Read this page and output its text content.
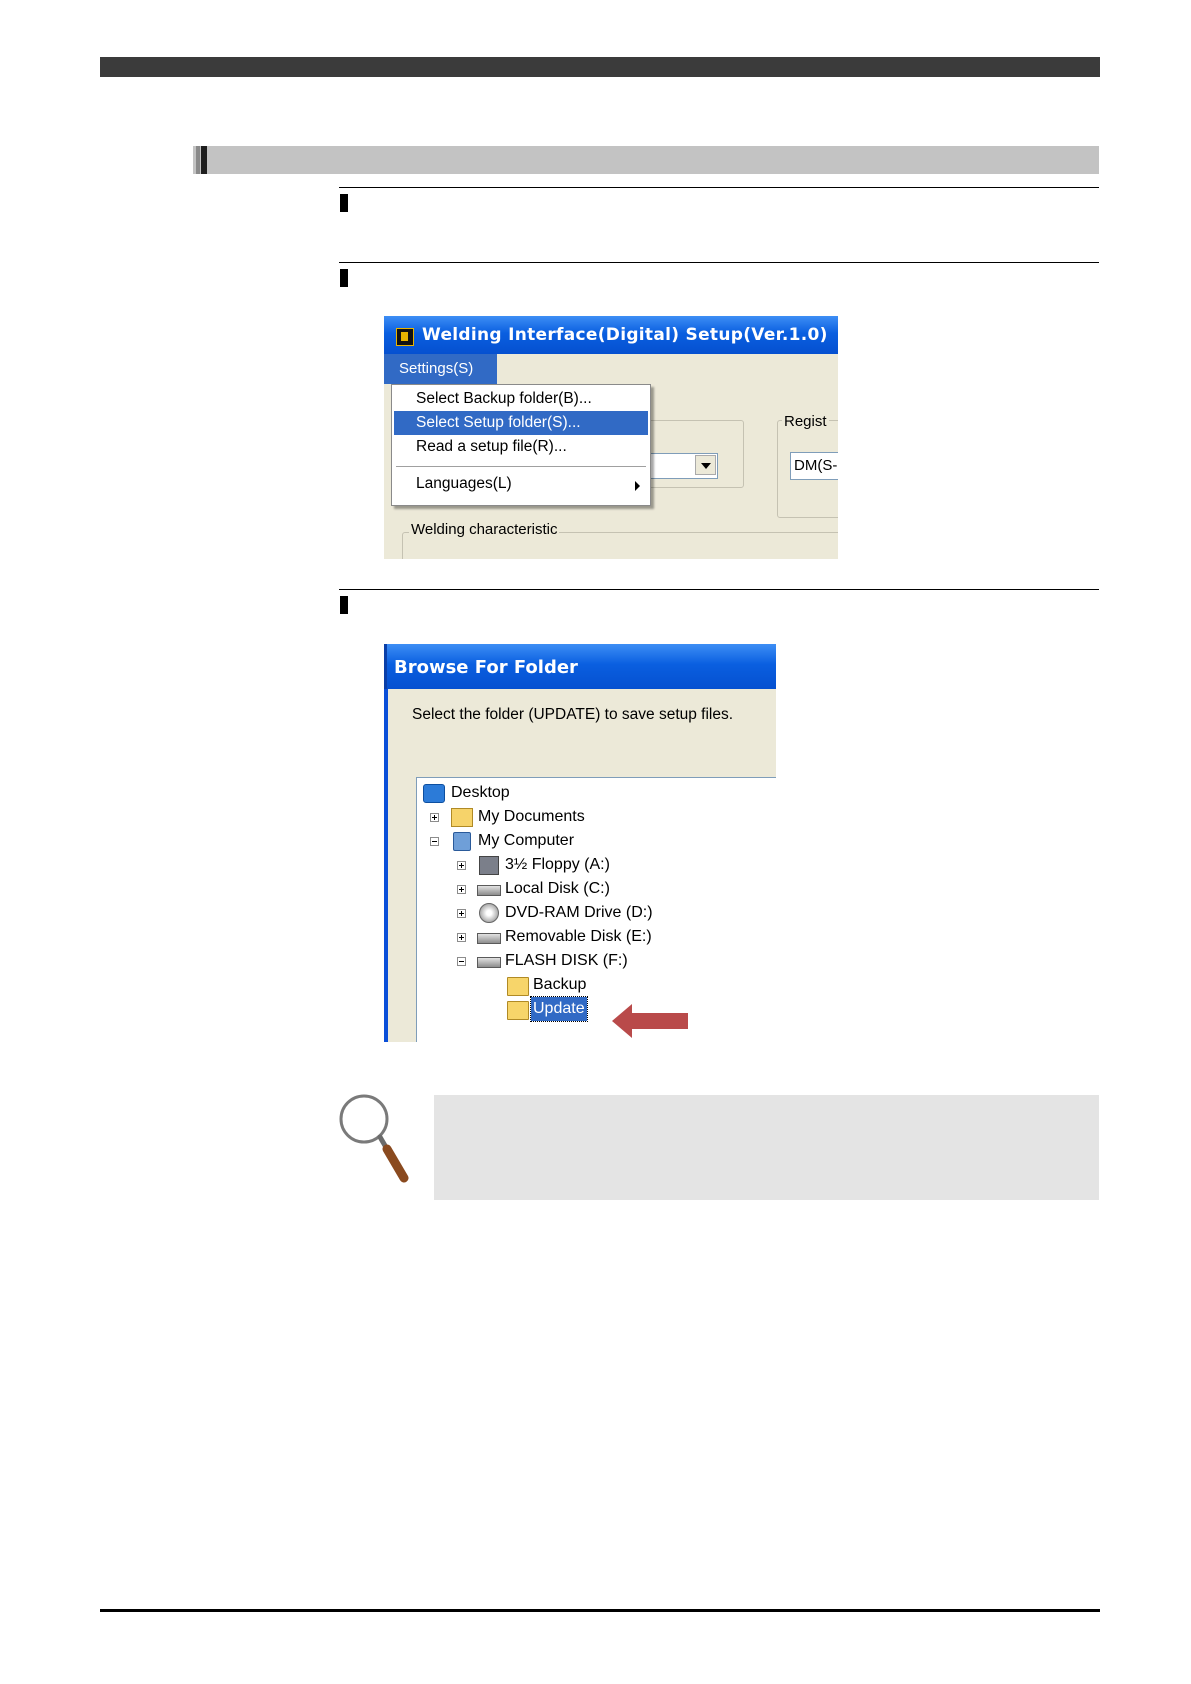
Welding Interface(Digital) Setup(Ver.1.0)
Settings(S)
Regist
DM(S-
Welding characteristic
Select Backup folder(B)...
Select Setup folder(S)...
Read a setup file(R)...
Languages(L)
Browse For Folder
Select the folder (UPDATE) to save setup files.
Desktop
My Documents
My Computer
3½ Floppy (A:)
Local Disk (C:)
DVD-RAM Drive (D:)
Removable Disk (E:)
FLASH DISK (F:)
Backup
Update
